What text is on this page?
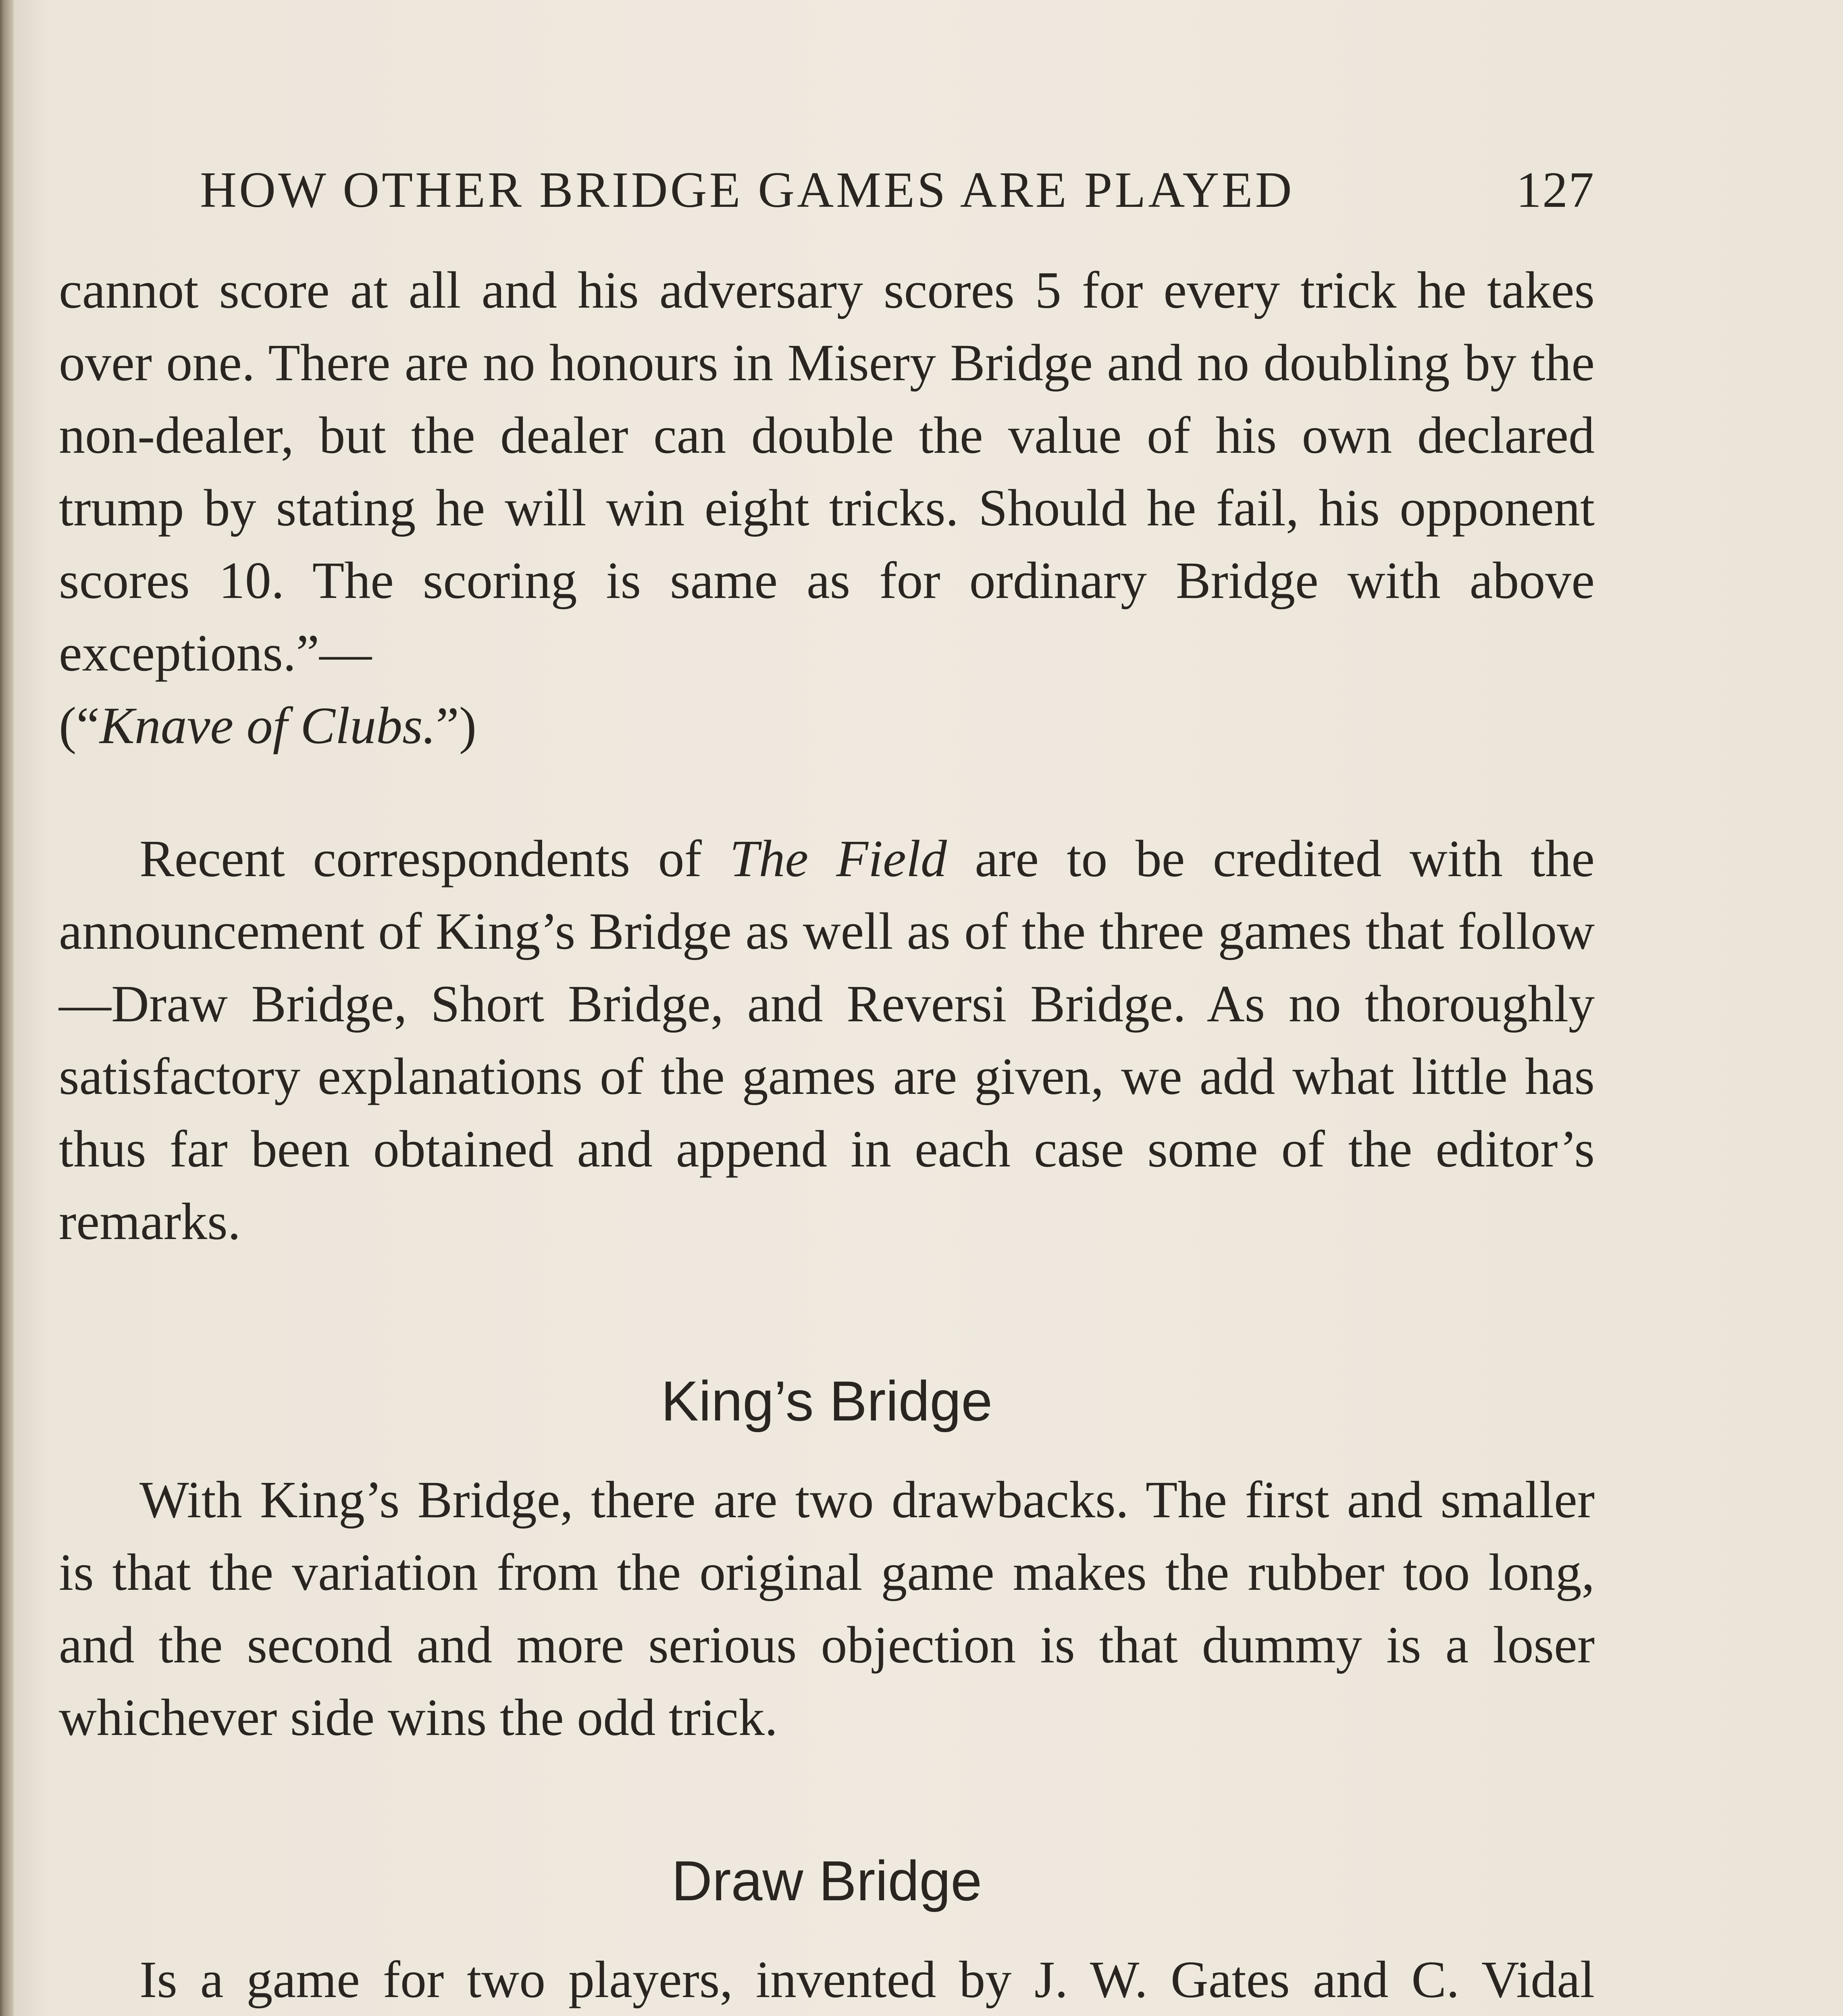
HOW OTHER BRIDGE GAMES ARE PLAYED	127

cannot score at all and his adversary scores 5 for every trick he takes over one. There are no honours in Misery Bridge and no doubling by the non-dealer, but the dealer can double the value of his own declared trump by stating he will win eight tricks. Should he fail, his opponent scores 10. The scoring is same as for ordinary Bridge with above exceptions.”—
(“Knave of Clubs.”)

Recent correspondents of The Field are to be credited with the announcement of King’s Bridge as well as of the three games that follow—Draw Bridge, Short Bridge, and Reversi Bridge. As no thoroughly satisfactory explanations of the games are given, we add what little has thus far been obtained and append in each case some of the editor’s remarks.

King’s Bridge

With King’s Bridge, there are two drawbacks. The first and smaller is that the variation from the original game makes the rubber too long, and the second and more serious objection is that dummy is a loser whichever side wins the odd trick.

Draw Bridge

Is a game for two players, invented by J. W. Gates and C. Vidal
